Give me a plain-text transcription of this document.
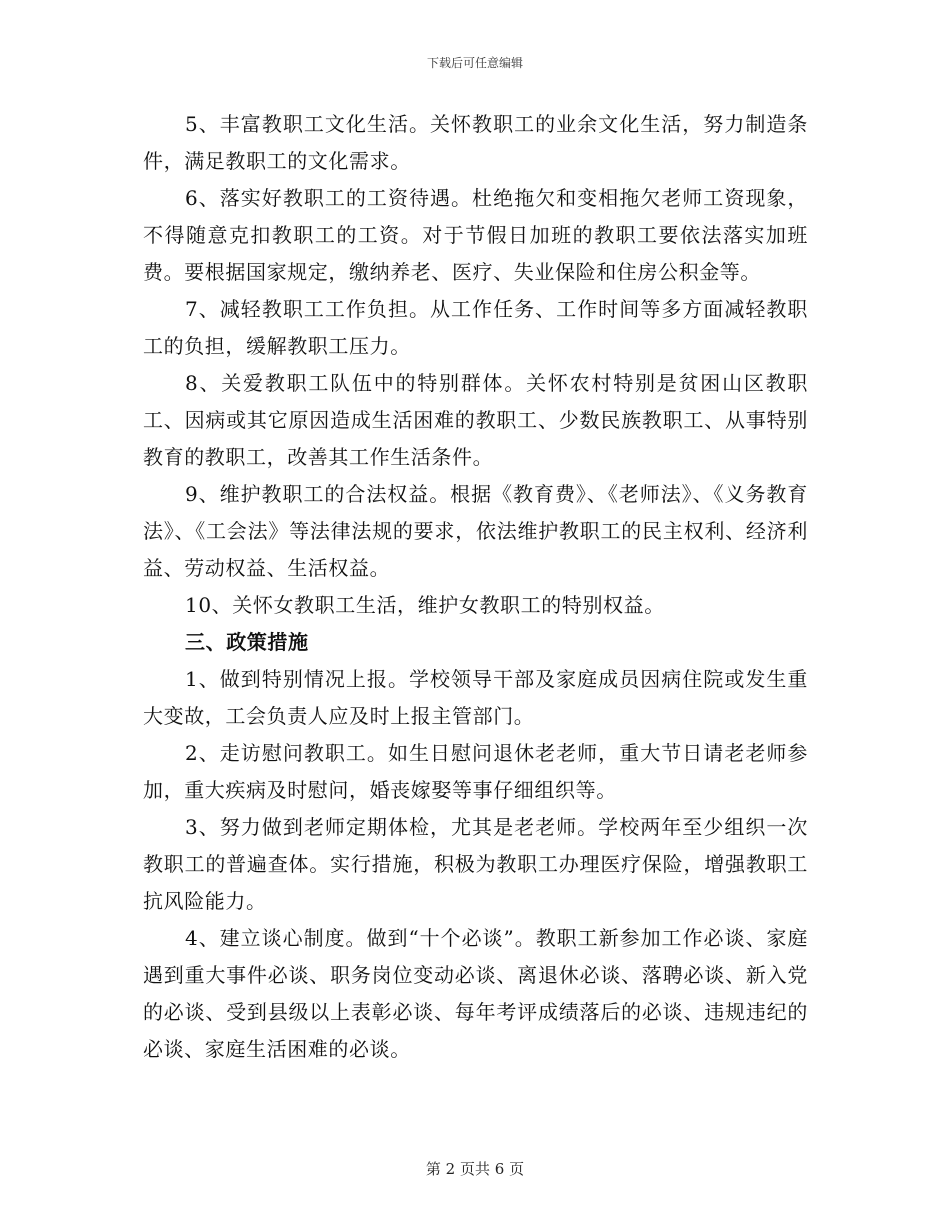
下载后可任意编辑

5、丰富教职工文化生活。关怀教职工的业余文化生活，努力制造条件，满足教职工的文化需求。

6、落实好教职工的工资待遇。杜绝拖欠和变相拖欠老师工资现象，不得随意克扣教职工的工资。对于节假日加班的教职工要依法落实加班费。要根据国家规定，缴纳养老、医疗、失业保险和住房公积金等。

7、减轻教职工工作负担。从工作任务、工作时间等多方面减轻教职工的负担，缓解教职工压力。

8、关爱教职工队伍中的特别群体。关怀农村特别是贫困山区教职工、因病或其它原因造成生活困难的教职工、少数民族教职工、从事特别教育的教职工，改善其工作生活条件。

9、维护教职工的合法权益。根据《教育费》、《老师法》、《义务教育法》、《工会法》等法律法规的要求，依法维护教职工的民主权利、经济利益、劳动权益、生活权益。

10、关怀女教职工生活，维护女教职工的特别权益。

三、政策措施

1、做到特别情况上报。学校领导干部及家庭成员因病住院或发生重大变故，工会负责人应及时上报主管部门。

2、走访慰问教职工。如生日慰问退休老老师，重大节日请老老师参加，重大疾病及时慰问，婚丧嫁娶等事仔细组织等。

3、努力做到老师定期体检，尤其是老老师。学校两年至少组织一次教职工的普遍查体。实行措施，积极为教职工办理医疗保险，增强教职工抗风险能力。

4、建立谈心制度。做到“十个必谈”。教职工新参加工作必谈、家庭遇到重大事件必谈、职务岗位变动必谈、离退休必谈、落聘必谈、新入党的必谈、受到县级以上表彰必谈、每年考评成绩落后的必谈、违规违纪的必谈、家庭生活困难的必谈。

第 2 页共 6 页
